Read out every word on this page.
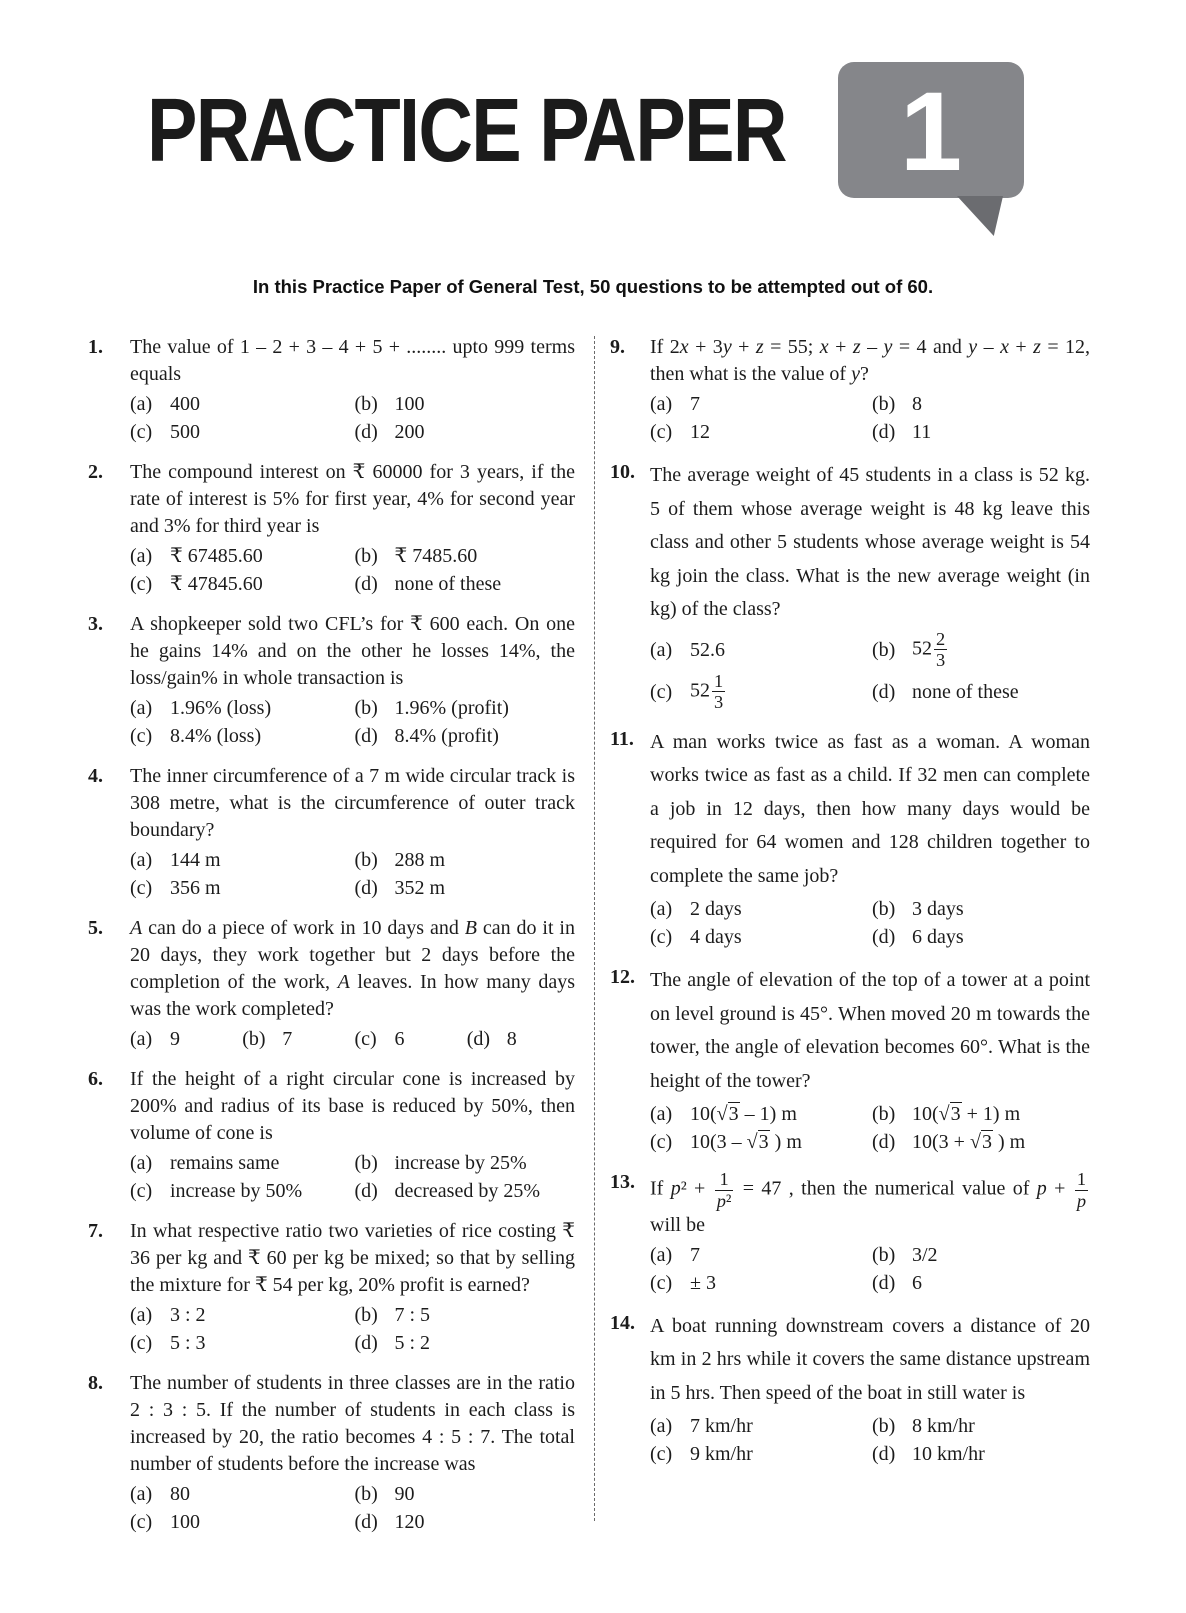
PRACTICE PAPER 1

In this Practice Paper of General Test, 50 questions to be attempted out of 60.

1.	The value of 1 – 2 + 3 – 4 + 5 + ........ upto 999 terms equals
(a) 400	(b) 100
(c) 500	(d) 200
2.	The compound interest on ₹ 60000 for 3 years, if the rate of interest is 5% for first year, 4% for second year and 3% for third year is
(a) ₹ 67485.60	(b) ₹ 7485.60
(c) ₹ 47845.60	(d) none of these
3.	A shopkeeper sold two CFL’s for ₹ 600 each. On one he gains 14% and on the other he losses 14%, the loss/gain% in whole transaction is
(a) 1.96% (loss)	(b) 1.96% (profit)
(c) 8.4% (loss)	(d) 8.4% (profit)
4.	The inner circumference of a 7 m wide circular track is 308 metre, what is the circumference of outer track boundary?
(a) 144 m	(b) 288 m
(c) 356 m	(d) 352 m
5.	A can do a piece of work in 10 days and B can do it in 20 days, they work together but 2 days before the completion of the work, A leaves. In how many days was the work completed?
(a) 9	(b) 7	(c) 6	(d) 8
6.	If the height of a right circular cone is increased by 200% and radius of its base is reduced by 50%, then volume of cone is
(a) remains same	(b) increase by 25%
(c) increase by 50%	(d) decreased by 25%
7.	In what respective ratio two varieties of rice costing ₹ 36 per kg and ₹ 60 per kg be mixed; so that by selling the mixture for ₹ 54 per kg, 20% profit is earned?
(a) 3 : 2	(b) 7 : 5
(c) 5 : 3	(d) 5 : 2
8.	The number of students in three classes are in the ratio 2 : 3 : 5. If the number of students in each class is increased by 20, the ratio becomes 4 : 5 : 7. The total number of students before the increase was
(a) 80	(b) 90
(c) 100	(d) 120
9.	If 2x + 3y + z = 55; x + z – y = 4 and y – x + z = 12, then what is the value of y?
(a) 7	(b) 8
(c) 12	(d) 11
10. The average weight of 45 students in a class is 52 kg. 5 of them whose average weight is 48 kg leave this class and other 5 students whose average weight is 54 kg join the class. What is the new average weight (in kg) of the class?
(a) 52.6	(b) $52 \frac{2}{3}$
(c) $52 \frac{1}{3}$	(d) none of these
11. A man works twice as fast as a woman. A woman works twice as fast as a child. If 32 men can complete a job in 12 days, then how many days would be required for 64 women and 128 children together to complete the same job?
(a) 2 days	(b) 3 days
(c) 4 days	(d) 6 days
12. The angle of elevation of the top of a tower at a point on level ground is 45°. When moved 20 m towards the tower, the angle of elevation becomes 60°. What is the height of the tower?
(a) 10(√3 – 1) m	(b) 10(√3 + 1) m
(c) 10(3 – √3 ) m	(d) 10(3 + √3 ) m
13. If $p^2 + \frac{1}{\text{p²}} = 47$ , then the numerical value of $p + \frac{1}{p}$
will be
(a) 7	(b) 3/2
(c) ± 3	(d) 6
14. A boat running downstream covers a distance of 20 km in 2 hrs while it covers the same distance upstream in 5 hrs. Then speed of the boat in still water is
(a) 7 km/hr	(b) 8 km/hr
(c) 9 km/hr	(d) 10 km/hr
